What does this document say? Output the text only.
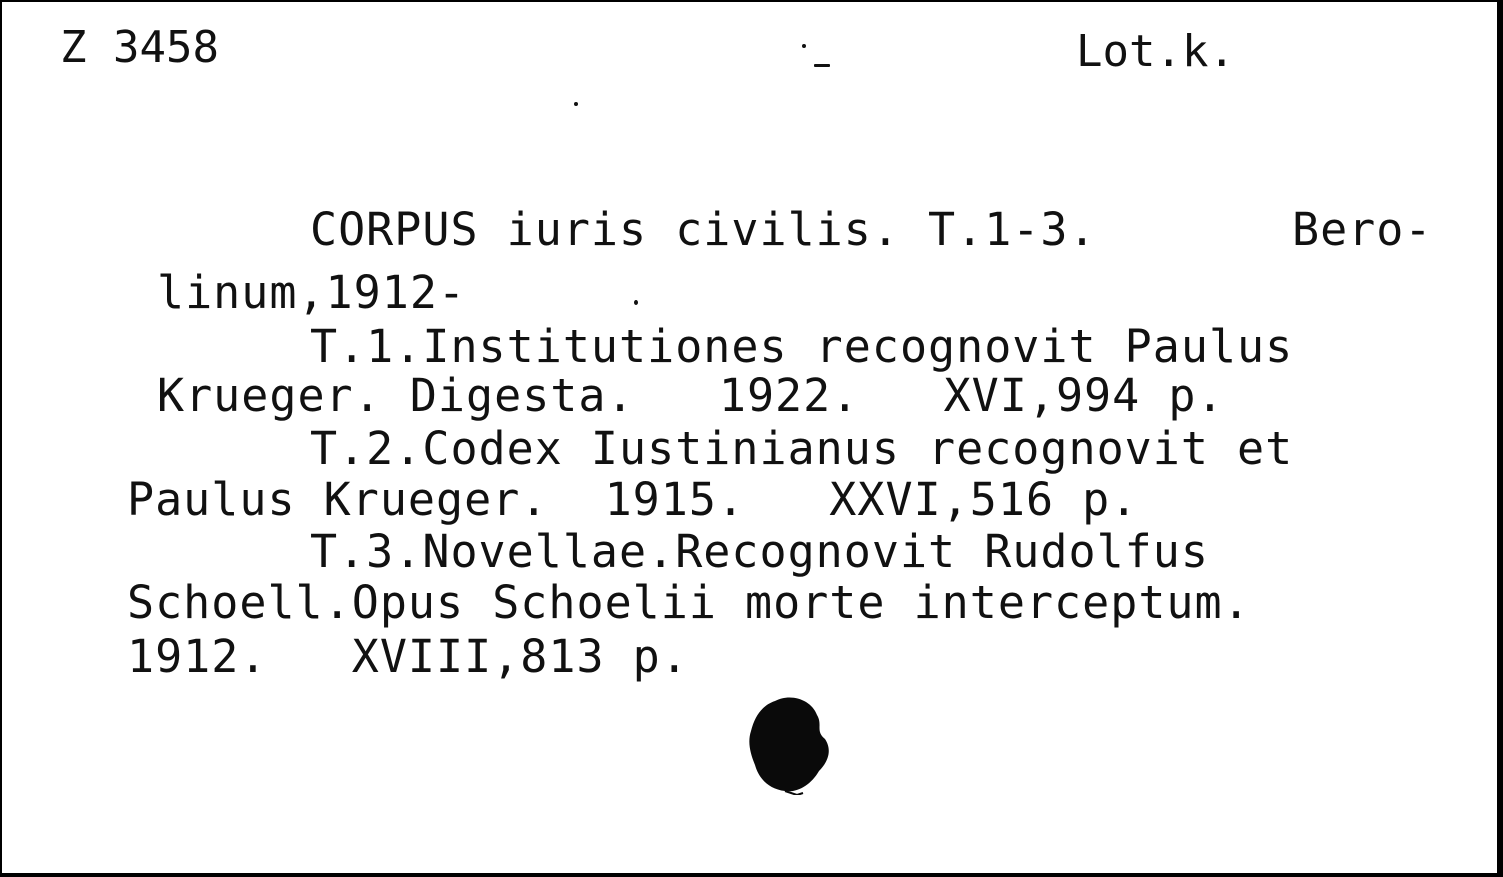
Z 3458	Lot.k.
CORPUS iuris civilis. T.1-3.	Bero-
linum,1912-
T.1.Institutiones recognovit Paulus
Krueger. Digesta.   1922.   XVI,994 p.
T.2.Codex Iustinianus recognovit et
Paulus Krueger.  1915.   XXVI,516 p.
T.3.Novellae.Recognovit Rudolfus
Schoell.Opus Schoelii morte interceptum.
1912.   XVIII,813 p.
